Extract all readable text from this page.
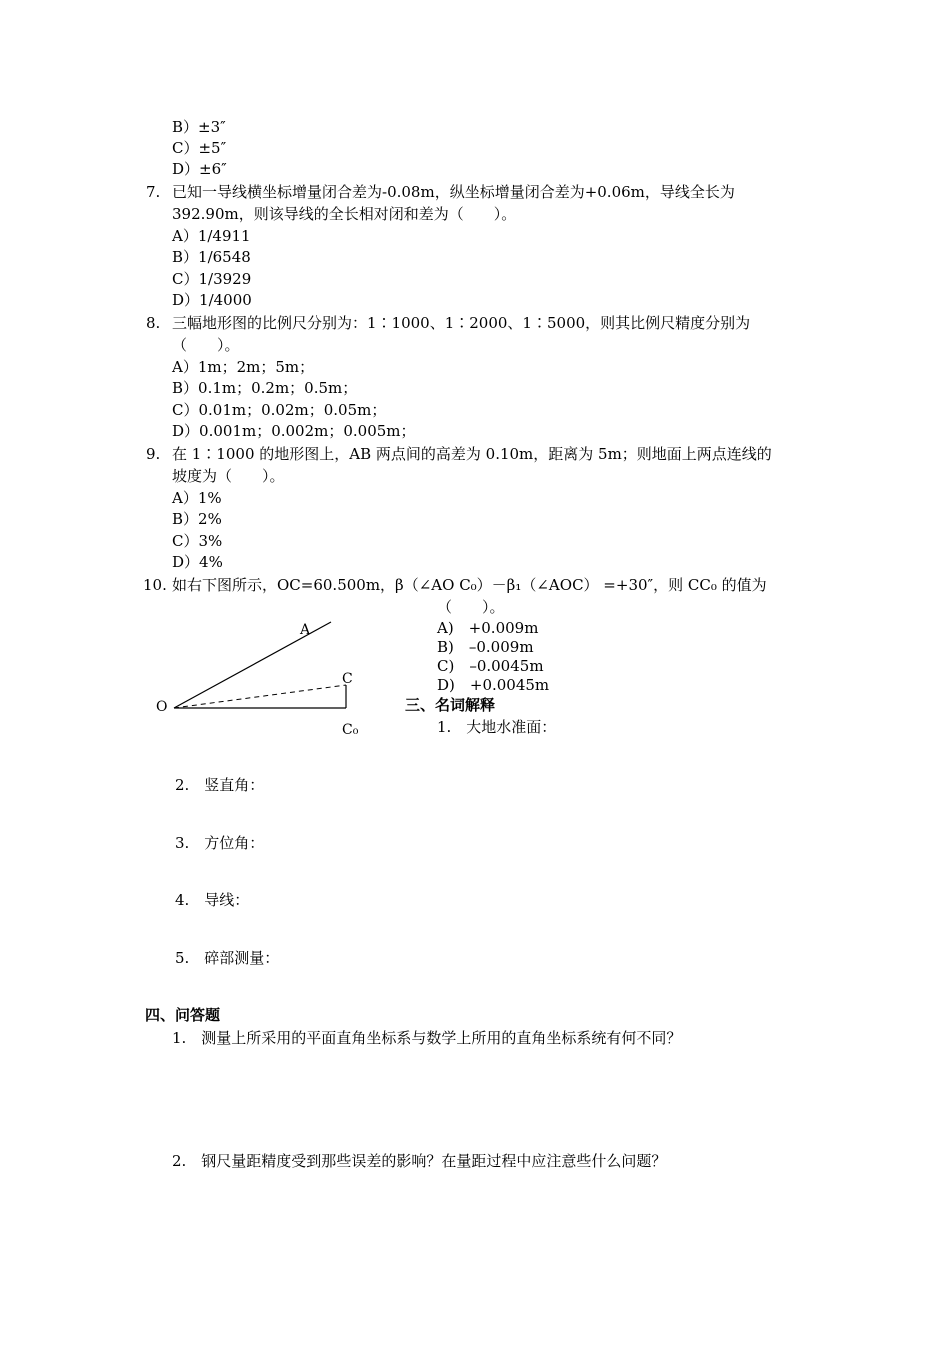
B）±3″
C）±5″
D）±6″
7. 已知一导线横坐标增量闭合差为-0.08m，纵坐标增量闭合差为+0.06m，导线全长为
392.90m，则该导线的全长相对闭和差为（　　）。
A）1/4911
B）1/6548
C）1/3929
D）1/4000
8. 三幅地形图的比例尺分别为：1∶1000、1∶2000、1∶5000，则其比例尺精度分别为
（　　）。
A）1m；2m；5m；
B）0.1m；0.2m；0.5m；
C）0.01m；0.02m；0.05m；
D）0.001m；0.002m；0.005m；
9. 在 1∶1000 的地形图上，AB 两点间的高差为 0.10m，距离为 5m；则地面上两点连线的
坡度为（　　）。
A）1%
B）2%
C）3%
D）4%
10. 如右下图所示，OC=60.500m，β（∠AO C₀）－β₁（∠AOC） =+30″，则 CC₀ 的值为
（　　）。
A)　+0.009m
B)　–0.009m
C)　–0.0045m
D)　+0.0045m
O
A
C
C₀
三、名词解释
1.　大地水准面：
2.　竖直角：
3.　方位角：
4.　导线：
5.　碎部测量：
四、问答题
1.　测量上所采用的平面直角坐标系与数学上所用的直角坐标系统有何不同？
2.　钢尺量距精度受到那些误差的影响？在量距过程中应注意些什么问题？
